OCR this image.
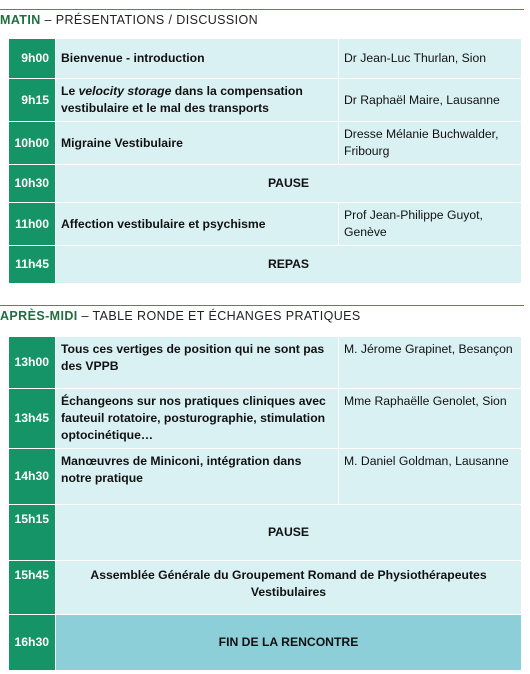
MATIN – PRÉSENTATIONS / DISCUSSION
9h00	Bienvenue - introduction	Dr Jean-Luc Thurlan, Sion
9h15	Le velocity storage dans la compensation vestibulaire et le mal des transports	Dr Raphaël Maire, Lausanne
10h00	Migraine Vestibulaire	Dresse Mélanie Buchwalder, Fribourg
10h30	PAUSE	
11h00	Affection vestibulaire et psychisme	Prof Jean-Philippe Guyot, Genève
11h45	REPAS	
APRÈS-MIDI – TABLE RONDE ET ÉCHANGES PRATIQUES
13h00	Tous ces vertiges de position qui ne sont pas des VPPB	M. Jérome Grapinet, Besançon
13h45	Échangeons sur nos pratiques cliniques avec fauteuil rotatoire, posturographie, stimulation optocinétique…	Mme Raphaëlle Genolet, Sion
14h30	Manœuvres de Miniconi, intégration dans notre pratique	M. Daniel Goldman, Lausanne
15h15	PAUSE	
15h45	Assemblée Générale du Groupement Romand de Physiothérapeutes Vestibulaires	
16h30	FIN DE LA RENCONTRE	
